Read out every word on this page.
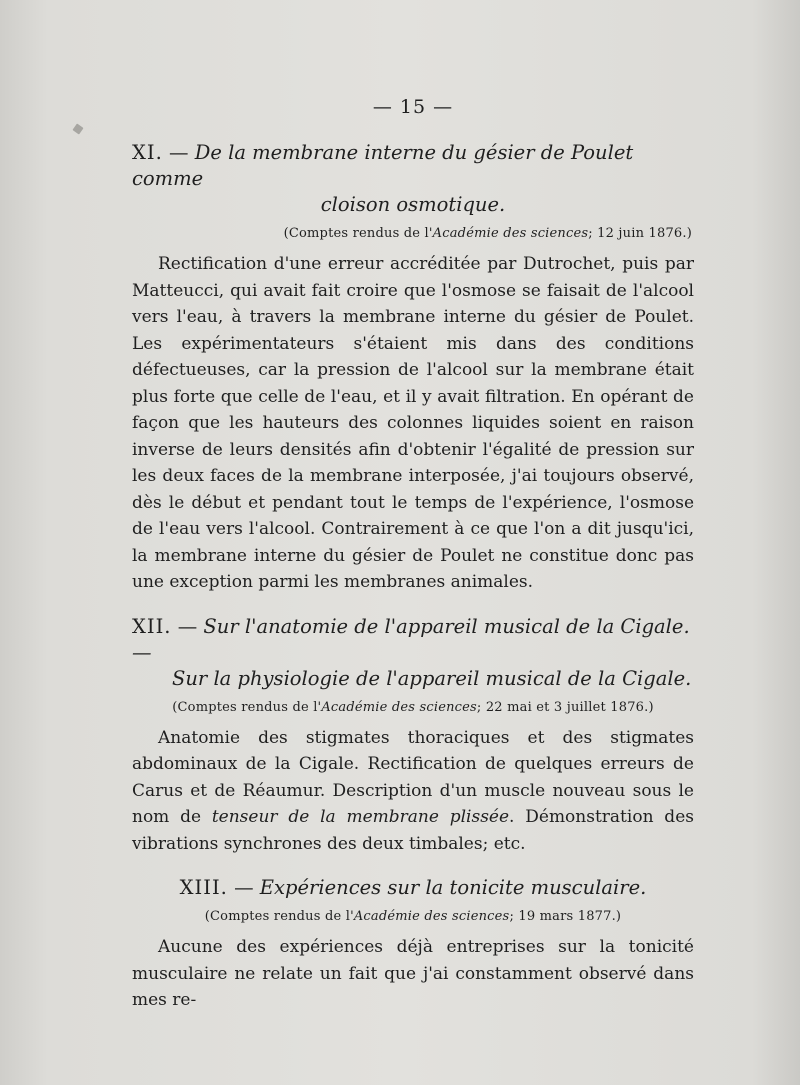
— 15 —

XI. — De la membrane interne du gésier de Poulet comme
cloison osmotique.

(Comptes rendus de l'Académie des sciences; 12 juin 1876.)

Rectification d'une erreur accréditée par Dutrochet, puis par Matteucci, qui avait fait croire que l'osmose se faisait de l'alcool vers l'eau, à travers la membrane interne du gésier de Poulet. Les expérimentateurs s'étaient mis dans des conditions défectueuses, car la pression de l'alcool sur la membrane était plus forte que celle de l'eau, et il y avait filtration. En opérant de façon que les hauteurs des colonnes liquides soient en raison inverse de leurs densités afin d'obtenir l'égalité de pression sur les deux faces de la membrane interposée, j'ai toujours observé, dès le début et pendant tout le temps de l'expérience, l'osmose de l'eau vers l'alcool. Contrairement à ce que l'on a dit jusqu'ici, la membrane interne du gésier de Poulet ne constitue donc pas une exception parmi les membranes animales.

XII. — Sur l'anatomie de l'appareil musical de la Cigale. —
Sur la physiologie de l'appareil musical de la Cigale.

(Comptes rendus de l'Académie des sciences; 22 mai et 3 juillet 1876.)

Anatomie des stigmates thoraciques et des stigmates abdominaux de la Cigale. Rectification de quelques erreurs de Carus et de Réaumur. Description d'un muscle nouveau sous le nom de tenseur de la membrane plissée. Démonstration des vibrations synchrones des deux timbales; etc.

XIII. — Expériences sur la tonicite musculaire.

(Comptes rendus de l'Académie des sciences; 19 mars 1877.)

Aucune des expériences déjà entreprises sur la tonicité musculaire ne relate un fait que j'ai constamment observé dans mes re-
